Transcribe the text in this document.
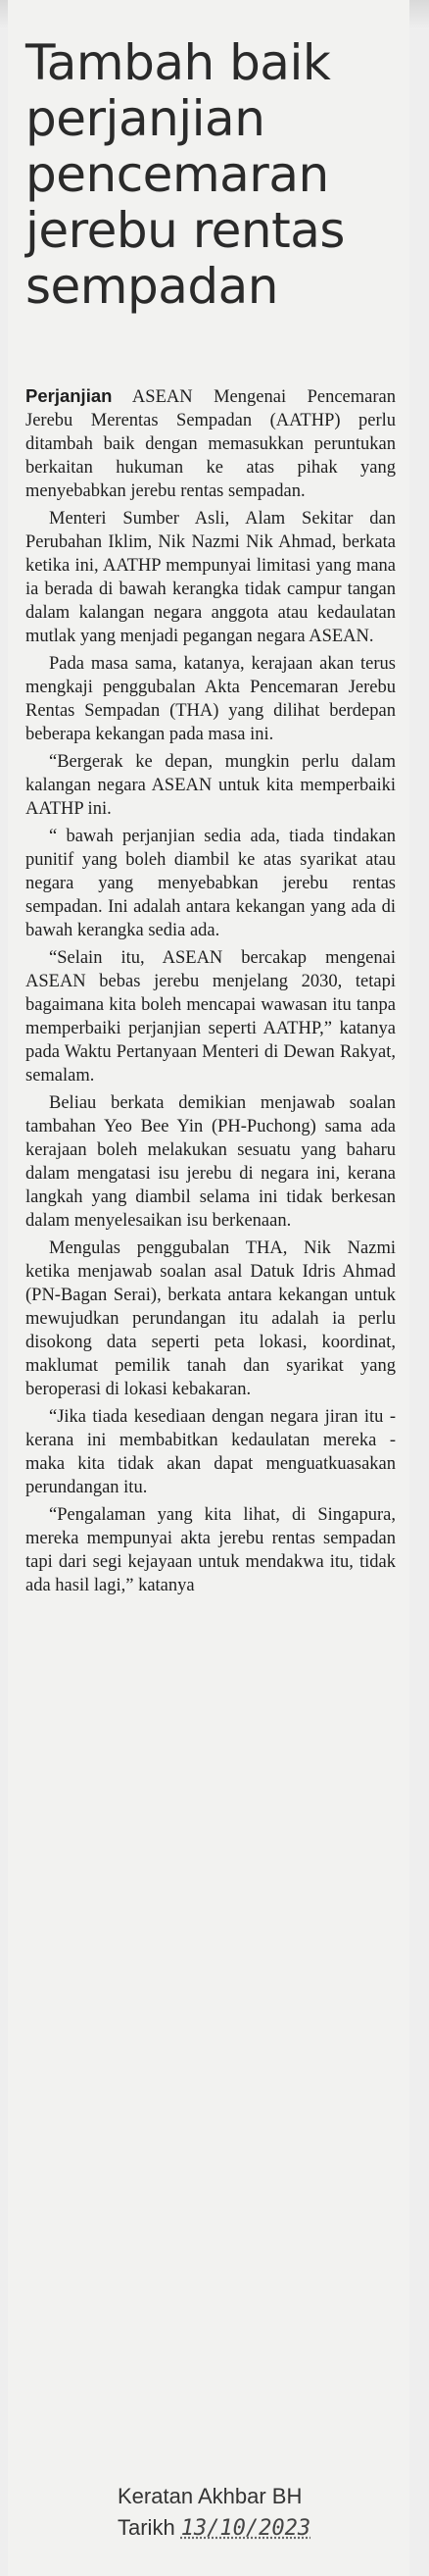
Tambah baik perjanjian pencemaran jerebu rentas sempadan

Perjanjian ASEAN Mengenai Pencemaran Jerebu Merentas Sempadan (AATHP) perlu ditambah baik dengan memasukkan peruntukan berkaitan hukuman ke atas pihak yang menyebabkan jerebu rentas sempadan.

Menteri Sumber Asli, Alam Sekitar dan Perubahan Iklim, Nik Nazmi Nik Ahmad, berkata ketika ini, AATHP mempunyai limitasi yang mana ia berada di bawah kerangka tidak campur tangan dalam kalangan negara anggota atau kedaulatan mutlak yang menjadi pegangan negara ASEAN.

Pada masa sama, katanya, kerajaan akan terus mengkaji penggubalan Akta Pencemaran Jerebu Rentas Sempadan (THA) yang dilihat berdepan beberapa kekangan pada masa ini.

“Bergerak ke depan, mungkin perlu dalam kalangan negara ASEAN untuk kita memperbaiki AATHP ini.

“ bawah perjanjian sedia ada, tiada tindakan punitif yang boleh diambil ke atas syarikat atau negara yang menyebabkan jerebu rentas sempadan. Ini adalah antara kekangan yang ada di bawah kerangka sedia ada.

“Selain itu, ASEAN bercakap mengenai ASEAN bebas jerebu menjelang 2030, tetapi bagaimana kita boleh mencapai wawasan itu tanpa memperbaiki perjanjian seperti AATHP,” katanya pada Waktu Pertanyaan Menteri di Dewan Rakyat, semalam.

Beliau berkata demikian menjawab soalan tambahan Yeo Bee Yin (PH-Puchong) sama ada kerajaan boleh melakukan sesuatu yang baharu dalam mengatasi isu jerebu di negara ini, kerana langkah yang diambil selama ini tidak berkesan dalam menyelesaikan isu berkenaan.

Mengulas penggubalan THA, Nik Nazmi ketika menjawab soalan asal Datuk Idris Ahmad (PN-Bagan Serai), berkata antara kekangan untuk mewujudkan perundangan itu adalah ia perlu disokong data seperti peta lokasi, koordinat, maklumat pemilik tanah dan syarikat yang beroperasi di lokasi kebakaran.

“Jika tiada kesediaan dengan negara jiran itu - kerana ini membabitkan kedaulatan mereka - maka kita tidak akan dapat menguatkuasakan perundangan itu.

“Pengalaman yang kita lihat, di Singapura, mereka mempunyai akta jerebu rentas sempadan tapi dari segi kejayaan untuk mendakwa itu, tidak ada hasil lagi,” katanya

Keratan Akhbar BH
Tarikh 13/10/2023
